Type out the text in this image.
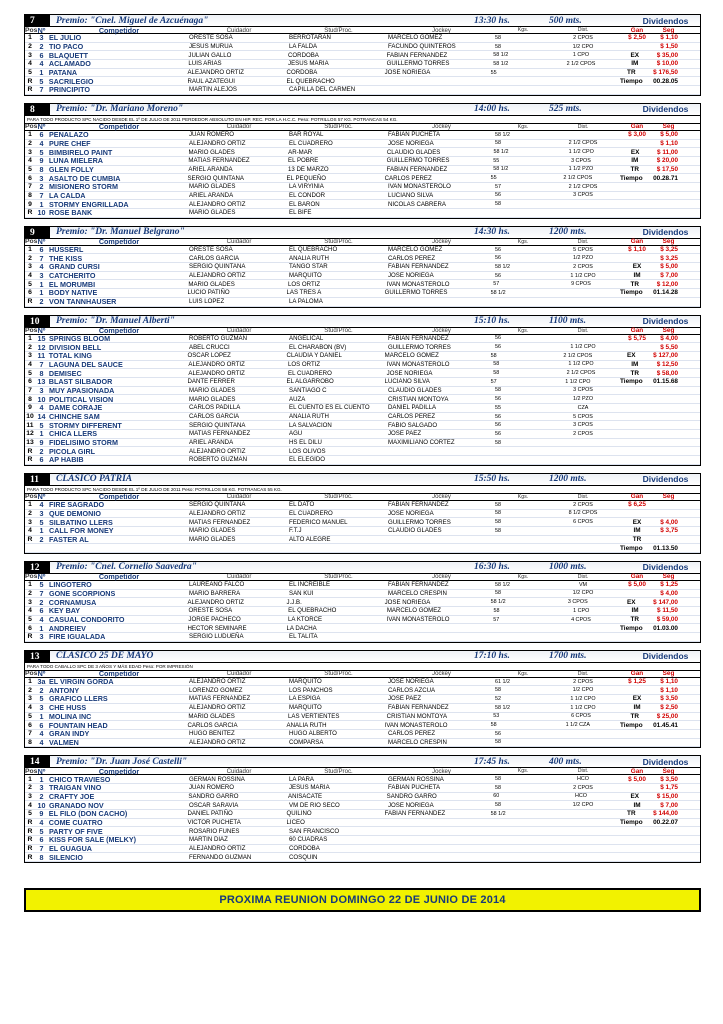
7	Premio: "Cnel. Miguel de Azcuénaga"	13:30 hs.	500 mts.	Dividendos
Pos Nº	Competidor	Cuidador	Stud/Proc.	Jockey	Kgs.	Dist.	Gan	Seg
1	3 EL JULIO	ORESTE SOSA	BERROTARAN	MARCELO GOMEZ	58	2 CPOS	$ 2,50	$ 1,10
2	2 TIO PACO	JESUS MURUA	LA FALDA	FACUNDO QUINTEROS	58	1/2 CPO	$ 1,50
3	6 BLAQUETT	JULIAN GALLO	CORDOBA	FABIAN FERNANDEZ	58 1/2	1 CPO	EX	$ 35,00
4	4 ACLAMADO	LUIS ARIAS	JESUS MARIA	GUILLERMO TORRES	58 1/2	2 1/2 CPOS	IM	$ 10,00
5	1 PATANA	ALEJANDRO ORTIZ	CORDOBA	JOSE NORIEGA	55	TR	$ 176,50
R 5 SACRILEGIO	RAUL AZATEGUI	EL QUEBRACHO	Tiempo	00.28.05
R 7 PRINCIPITO	MARTIN ALEJOS	CAPILLA DEL CARMEN
8	Premio: "Dr. Mariano Moreno"	14:00 hs.	525 mts.	Dividendos
PARA TODO PRODUCTO SPC NACIDO DESDE EL 1º DE JULIO DE 2011 PERDEDOR ABSOLUTO EN HIP. REC. POR LA H.C.C. Peso: POTRILLOS 57 KG. POTRANCAS 54 KG.
Pos Nº	Competidor	Cuidador	Stud/Proc.	Jockey	Kgs.	Dist.	Gan	Seg
1	6 PENALAZO	JUAN ROMERO	BAR ROYAL	FABIAN PUCHETA	58 1/2	$ 3,00	$ 5,00
2	4 PURE CHEF	ALEJANDRO ORTIZ	EL CUADRERO	JOSE NORIEGA	58	2 1/2 CPOS	$ 1,10
3	5 BIMBIRELO PAINT	MARIO GLADES	AR-MAR	CLAUDIO GLADES	58 1/2	1 1/2 CPO	EX	$ 11,00
4	9 LUNA MIELERA	MATIAS FERNANDEZ	EL POBRE	GUILLERMO TORRES	55	3 CPOS	IM	$ 20,00
5	8 GLEN FOLLY	ARIEL ARANDA	13 DE MARZO	FABIAN FERNANDEZ	58 1/2	1 1/2 PZO	TR	$ 17,50
6	3 ASALTO DE CUMBIA	SERGIO QUINTANA	EL PEQUEÑO	CARLOS PEREZ	55	2 1/2 CPOS	Tiempo	00.28.71
7	2 MISIONERO STORM	MARIO GLADES	LA VIRYINIA	IVAN MONASTEROLO	57	2 1/2 CPOS
8	7 LA CALDA	ARIEL ARANDA	EL CONDOR	LUCIANO SILVA	56	3 CPOS
9	1 STORMY ENGRILLADA	ALEJANDRO ORTIZ	EL BARON	NICOLAS CABRERA	58
R 10 ROSE BANK	MARIO GLADES	EL BIFE
9	Premio: "Dr. Manuel Belgrano"	14:30 hs.	1200 mts.	Dividendos
Pos Nº	Competidor	Cuidador	Stud/Proc.	Jockey	Kgs.	Dist.	Gan	Seg
1	6 HUSSERL	ORESTE SOSA	EL QUEBRACHO	MARCELO GOMEZ	56	5 CPOS	$ 1,10	$ 3,25
2	7 THE KISS	CARLOS GARCIA	ANALIA RUTH	CARLOS PEREZ	56	1/2 PZO	$ 3,25
3	4 GRAND CURSI	SERGIO QUINTANA	TANGO STAR	FABIAN FERNANDEZ	58 1/2	2 CPOS	EX	$ 5,00
4	3 CATCHERITO	ALEJANDRO ORTIZ	MARQUITO	JOSE NORIEGA	56	1 1/2 CPO	IM	$ 7,00
5	1 EL MORUMBI	MARIO GLADES	LOS ORTIZ	IVAN MONASTEROLO	57	9 CPOS	TR	$ 12,00
6	1 BODY NATIVE	LUCIO PATIÑO	LAS TRES A	GUILLERMO TORRES	58 1/2	Tiempo	01.14.28
R 2 VON TANNHAUSER	LUIS LOPEZ	LA PALOMA
10	Premio: "Dr. Manuel Alberti"	15:10 hs.	1100 mts.	Dividendos
Pos Nº	Competidor	Cuidador	Stud/Proc.	Jockey	Kgs.	Dist.	Gan	Seg
1 15 SPRINGS BLOOM	ROBERTO GUZMAN	ANGELICAL	FABIAN FERNANDEZ	56	$ 5,75	$ 4,00
2 12 DIVISION BELL	ABEL CRUCCI	EL CHARABON (BV)	GUILLERMO TORRES	56	1 1/2 CPO	$ 5,50
3 11 TOTAL KING	OSCAR LOPEZ	CLAUDIA Y DANIEL	MARCELO GOMEZ	58	2 1/2 CPOS	EX	$ 127,00
4	7 LAGUNA DEL SAUCE	ALEJANDRO ORTIZ	LOS ORTIZ	IVAN MONASTEROLO	58	1 1/2 CPO	IM	$ 12,50
5	8 DEMISEC	ALEJANDRO ORTIZ	EL CUADRERO	JOSE NORIEGA	58	2 1/2 CPOS	TR	$ 58,00
6 13 BLAST SILBADOR	DANTE FERRER	EL ALGARROBO	LUCIANO SILVA	57	1 1/2 CPO	Tiempo	01.15.68
7	3 MUY APASIONADA	MARIO GLADES	SANTIAGO C	CLAUDIO GLADES	58	3 CPOS
8 10 POLITICAL VISION	MARIO GLADES	AUZA	CRISTIAN MONTOYA	56	1/2 PZO
9	4 DAME CORAJE	CARLOS PADILLA	EL CUENTO ES EL CUENTO	DANIEL PADILLA	55	CZA
10 14 CHINCHE SAM	CARLOS GARCIA	ANALIA RUTH	CARLOS PEREZ	56	5 CPOS
11 5 STORMY DIFFERENT	SERGIO QUINTANA	LA SALVACION	FABIO SALGADO	56	3 CPOS
12 1 CHICA LLERS	MATIAS FERNANDEZ	AGU	JOSE PAEZ	56	2 CPOS
13 9 FIDELISIMO STORM	ARIEL ARANDA	HS EL DILU	MAXIMILIANO CORTEZ	58
R 2 PICOLA GIRL	ALEJANDRO ORTIZ	LOS OLIVOS
R 6 AP HABIB	ROBERTO GUZMAN	EL ELEGIDO
11	CLASICO PATRIA	15:50 hs.	1200 mts.	Dividendos
PARA TODO PRODUCTO SPC NACIDO DESDE EL 1º DE JULIO DE 2011 Peso: POTRILLOS 58 KG. POTRANCAS 55 KG.
Pos Nº	Competidor	Cuidador	Stud/Proc.	Jockey	Kgs.	Dist.	Gan	Seg
1	4 FIRE SAGRADO	SERGIO QUINTANA	EL DATO	FABIAN FERNANDEZ	58	2 CPOS	$ 6,25
2	3 QUE DEMONIO	ALEJANDRO ORTIZ	EL CUADRERO	JOSE NORIEGA	58	8 1/2 CPOS
3	5 SILBATINO LLERS	MATIAS FERNANDEZ	FEDERICO MANUEL	GUILLERMO TORRES	58	6 CPOS	EX	$ 4,00
4	1 CALL FOR MONEY	MARIO GLADES	F.T.J	CLAUDIO GLADES	58	IM	$ 3,75
R 2 FASTER AL	MARIO GLADES	ALTO ALEGRE	TR
Tiempo	01.13.50
12	Premio: "Cnel. Cornelio Saavedra"	16:30 hs.	1000 mts.	Dividendos
Pos Nº	Competidor	Cuidador	Stud/Proc.	Jockey	Kgs.	Dist.	Gan	Seg
1	5 LINGOTERO	LAUREANO FALCO	EL INCREIBLE	FABIAN FERNANDEZ	58 1/2	VM	$ 5,00	$ 1,25
2	7 GONE SCORPIONS	MARIO BARRERA	SAN KUI	MARCELO CRESPIN	58	1/2 CPO	$ 4,00
3	2 CORNAMUSA	ALEJANDRO ORTIZ	J.J.B.	JOSE NORIEGA	58 1/2	3 CPOS	EX	$ 147,00
4	6 KEY BAY	ORESTE SOSA	EL QUEBRACHO	MARCELO GOMEZ	58	1 CPO	IM	$ 11,50
5	4 CASUAL CONDORITO	JORGE PACHECO	LA KTORCE	IVAN MONASTEROLO	57	4 CPOS	TR	$ 59,00
6	1 ANDREIEV	HECTOR SEMINARE	LA DACHA	Tiempo	01.03.00
R 3 FIRE IGUALADA	SERGIO LUDUEÑA	EL TALITA
13	CLASICO 25 DE MAYO	17:10 hs.	1700 mts.	Dividendos
PARA TODO CABALLO SPC DE 3 AÑOS Y MÁS EDAD Peso: POR IMPRESIÓN
Pos Nº	Competidor	Cuidador	Stud/Proc.	Jockey	Kgs.	Dist.	Gan	Seg
1 3a EL VIRGIN GORDA	ALEJANDRO ORTIZ	MARQUITO	JOSE NORIEGA	61 1/2	2 CPOS	$ 1,25	$ 1,10
2	2 ANTONY	LORENZO GOMEZ	LOS PANCHOS	CARLOS AZCUA	58	1/2 CPO	$ 1,10
3	5 GRAFICO LLERS	MATIAS FERNANDEZ	LA ESPIGA	JOSE PAEZ	52	1 1/2 CPO	EX	$ 3,50
4	3 CHE HUSS	ALEJANDRO ORTIZ	MARQUITO	FABIAN FERNANDEZ	58 1/2	1 1/2 CPO	IM	$ 2,50
5	1 MOLINA INC	MARIO GLADES	LAS VERTIENTES	CRISTIAN MONTOYA	53	6 CPOS	TR	$ 25,00
6	6 FOUNTAIN HEAD	CARLOS GARCIA	ANALIA RUTH	IVAN MONASTEROLO	58	1 1/2 CZA	Tiempo	01.45.41
7	4 GRAN INDY	HUGO BENITEZ	HUGO ALBERTO	CARLOS PEREZ	56
8	4 VALMEN	ALEJANDRO ORTIZ	COMPARSA	MARCELO CRESPIN	58
14	Premio: "Dr. Juan José Castelli"	17:45 hs.	400 mts.	Dividendos
Pos Nº	Competidor	Cuidador	Stud/Proc.	Jockey	Kgs.	Dist.	Gan	Seg
1	1 CHICO TRAVIESO	GERMAN ROSSINA	LA PARA	GERMAN ROSSINA	58	HCO	$ 5,00	$ 3,50
2	3 TRAIGAN VINO	JUAN ROMERO	JESUS MARIA	FABIAN PUCHETA	58	2 CPOS	$ 1,75
3	2 CRAFTY JOE	SANDRO GARRO	ANISACATE	SANDRO GARRO	60	HCO	EX	$ 15,00
4 10 GRANADO NOV	OSCAR SARAVIA	VM DE RIO SECO	JOSE NORIEGA	58	1/2 CPO	IM	$ 7,00
5	9 EL FILO (DON CACHO)	DANIEL PATIÑO	QUILINO	FABIAN FERNANDEZ	58 1/2	TR	$ 144,00
R 4 COME CUATRO	VICTOR PUCHETA	LICEO	Tiempo	00.22.07
R 5 PARTY OF FIVE	ROSARIO FUNES	SAN FRANCISCO
R 6 KISS FOR SALE (MELKY)	MARTIN DIAZ	60 CUADRAS
R 7 EL GUAGUA	ALEJANDRO ORTIZ	CORDOBA
R 8 SILENCIO	FERNANDO GUZMAN	COSQUIN
PROXIMA REUNION DOMINGO 22 DE JUNIO DE 2014
